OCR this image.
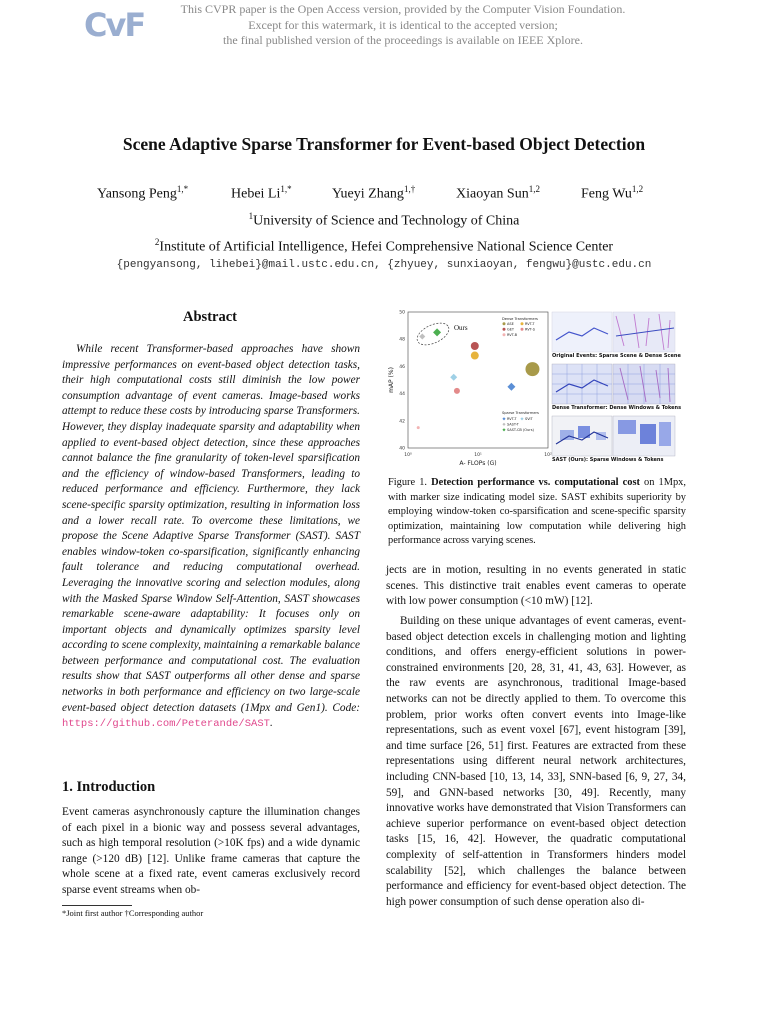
CvF	This CVPR paper is the Open Access version, provided by the Computer Vision Foundation.
Except for this watermark, it is identical to the accepted version;
the final published version of the proceedings is available on IEEE Xplore.
Scene Adaptive Sparse Transformer for Event-based Object Detection
Yansong Peng$^{1,*}$	Hebei $Li^{1,*}$	Yueyi Zhang$^{1,\dagger}$	Xiaoyan Sun$^{1,2}$	Feng Wu$^{1,2}$
$^1$University of Science and Technology of China
$^2$Institute of Artificial Intelligence, Hefei Comprehensive National Science Center
{pengyansong, lihebei}@mail.ustc.edu.cn, {zhyuey, sunxiaoyan, fengwu}@ustc.edu.cn
Abstract
While recent Transformer-based approaches have shown impressive performances on event-based object detection tasks, their high computational costs still diminish the low power consumption advantage of event cameras. Image-based works attempt to reduce these costs by introducing sparse Transformers. However, they display inadequate sparsity and adaptability when applied to event-based object detection, since these approaches cannot balance the fine granularity of token-level sparsification and the efficiency of window-based Transformers, leading to reduced performance and efficiency. Furthermore, they lack scene-specific sparsity optimization, resulting in information loss and a lower recall rate. To overcome these limitations, we propose the Scene Adaptive Sparse Transformer (SAST). SAST enables window-token co-sparsification, significantly enhancing fault tolerance and reducing computational overhead. Leveraging the innovative scoring and selection modules, along with the Masked Sparse Window Self-Attention, SAST showcases remarkable scene-aware adaptability: It focuses only on important objects and dynamically optimizes sparsity level according to scene complexity, maintaining a remarkable balance between performance and computational cost. The evaluation results show that SAST outperforms all other dense and sparse networks in both performance and efficiency on two large-scale event-based object detection datasets (1Mpx and Gen1). Code: https://github.com/Peterande/SAST.
1. Introduction
Event cameras asynchronously capture the illumination changes of each pixel in a bionic way and possess several advantages, such as high temporal resolution (>10K fps) and a wide dynamic range (>120 dB) [12]. Unlike frame cameras that capture the whole scene at a fixed rate, event cameras exclusively record sparse event streams when ob-
*Joint first author †Corresponding author
40
42
44
46
48
50
10⁰	10¹	10²
A- FLOPs (G)
mAP (%)
Ours
Dense Transformers
Sparse Transformers
ASE	RVT-T
GET	RVT-S
RVT-B
RVT-T SViT
SAST-T
SAST-CB (Ours)
Original Events: Sparse Scene & Dense Scene
Dense Transformer: Dense Windows & Tokens
SAST (Ours): Sparse Windows & Tokens
Figure 1. Detection performance vs. computational cost on 1Mpx, with marker size indicating model size. SAST exhibits superiority by employing window-token co-sparsification and scene-specific sparsity optimization, maintaining low computation while delivering high performance across varying scenes.
jects are in motion, resulting in no events generated in static scenes. This distinctive trait enables event cameras to operate with low power consumption (<10 mW) [12].
Building on these unique advantages of event cameras, event-based object detection excels in challenging motion and lighting conditions, and offers energy-efficient solutions in power-constrained environments [20, 28, 31, 41, 43, 63]. However, as the raw events are asynchronous, traditional Image-based networks can not be directly applied to them. To overcome this problem, prior works often convert events into Image-like representations, such as event voxel [67], event histogram [39], and time surface [26, 51] first. Features are extracted from these representations using different neural network architectures, including CNN-based [10, 13, 14, 33], SNN-based [6, 9, 27, 34, 59], and GNN-based networks [30, 49]. Recently, many innovative works have demonstrated that Vision Transformers can achieve superior performance on event-based object detection tasks [15, 16, 42]. However, the quadratic computational complexity of self-attention in Transformers hinders model scalability [52], which challenges the balance between performance and efficiency for event-based object detection. The high power consumption of such dense operation also di-
